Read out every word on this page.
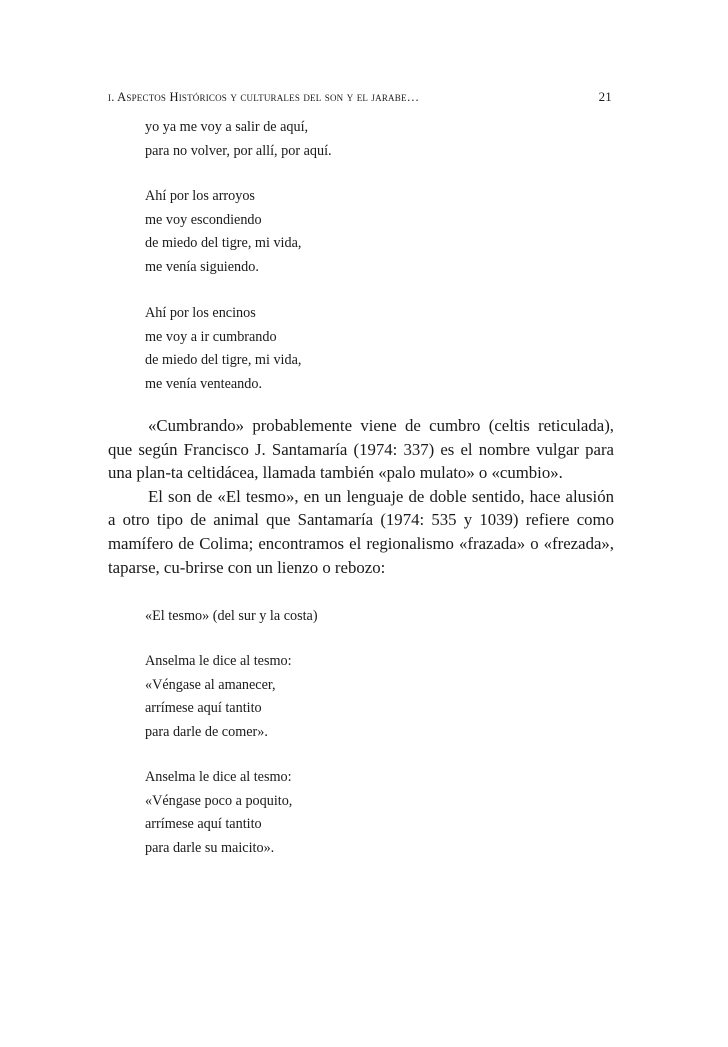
i. Aspectos Históricos y culturales del son y el jarabe…	21
yo ya me voy a salir de aquí,
para no volver, por allí, por aquí.
Ahí por los arroyos
me voy escondiendo
de miedo del tigre, mi vida,
me venía siguiendo.
Ahí por los encinos
me voy a ir cumbrando
de miedo del tigre, mi vida,
me venía venteando.

«Cumbrando» probablemente viene de cumbro (celtis reticulada), que según Francisco J. Santamaría (1974: 337) es el nombre vulgar para una plan-ta celtidácea, llamada también «palo mulato» o «cumbio».

El son de «El tesmo», en un lenguaje de doble sentido, hace alusión a otro tipo de animal que Santamaría (1974: 535 y 1039) refiere como mamífero de Colima; encontramos el regionalismo «frazada» o «frezada», taparse, cu-brirse con un lienzo o rebozo:

«El tesmo» (del sur y la costa)
Anselma le dice al tesmo:
«Véngase al amanecer,
arrímese aquí tantito
para darle de comer».
Anselma le dice al tesmo:
«Véngase poco a poquito,
arrímese aquí tantito
para darle su maicito».
